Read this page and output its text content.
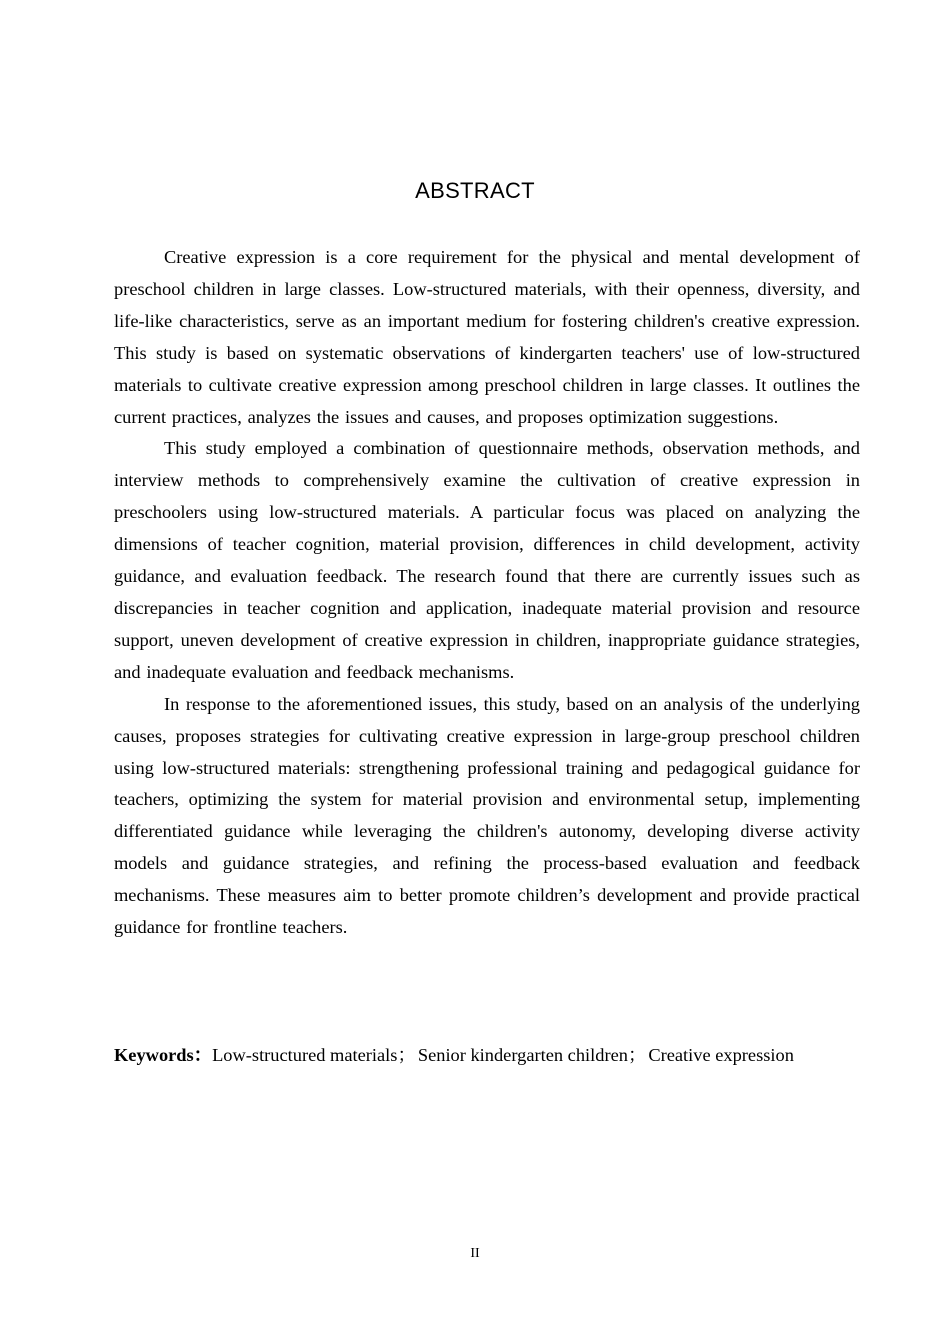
ABSTRACT

Creative expression is a core requirement for the physical and mental development of preschool children in large classes. Low-structured materials, with their openness, diversity, and life-like characteristics, serve as an important medium for fostering children's creative expression. This study is based on systematic observations of kindergarten teachers' use of low-structured materials to cultivate creative expression among preschool children in large classes. It outlines the current practices, analyzes the issues and causes, and proposes optimization suggestions.

This study employed a combination of questionnaire methods, observation methods, and interview methods to comprehensively examine the cultivation of creative expression in preschoolers using low-structured materials. A particular focus was placed on analyzing the dimensions of teacher cognition, material provision, differences in child development, activity guidance, and evaluation feedback. The research found that there are currently issues such as discrepancies in teacher cognition and application, inadequate material provision and resource support, uneven development of creative expression in children, inappropriate guidance strategies, and inadequate evaluation and feedback mechanisms.

In response to the aforementioned issues, this study, based on an analysis of the underlying causes, proposes strategies for cultivating creative expression in large-group preschool children using low-structured materials: strengthening professional training and pedagogical guidance for teachers, optimizing the system for material provision and environmental setup, implementing differentiated guidance while leveraging the children's autonomy, developing diverse activity models and guidance strategies, and refining the process-based evaluation and feedback mechanisms. These measures aim to better promote children’s development and provide practical guidance for frontline teachers.

Keywords：Low-structured materials； Senior kindergarten children； Creative expression
II
